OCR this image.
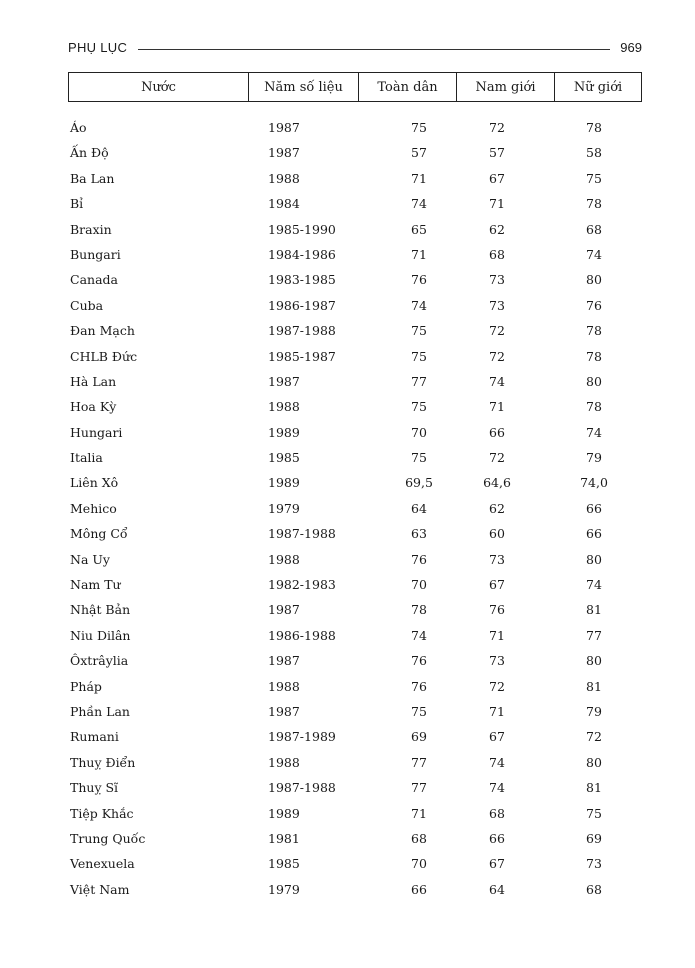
PHỤ LỤC	969
Nước	Năm số liệu	Toàn dân	Nam giới	Nữ giới
Áo	1987	75	72	78
Ấn Độ	1987	57	57	58
Ba Lan	1988	71	67	75
Bỉ	1984	74	71	78
Braxin	1985-1990	65	62	68
Bungari	1984-1986	71	68	74
Canada	1983-1985	76	73	80
Cuba	1986-1987	74	73	76
Đan Mạch	1987-1988	75	72	78
CHLB Đức	1985-1987	75	72	78
Hà Lan	1987	77	74	80
Hoa Kỳ	1988	75	71	78
Hungari	1989	70	66	74
Italia	1985	75	72	79
Liên Xô	1989	69,5	64,6	74,0
Mehico	1979	64	62	66
Mông Cổ	1987-1988	63	60	66
Na Uy	1988	76	73	80
Nam Tư	1982-1983	70	67	74
Nhật Bản	1987	78	76	81
Niu Dilân	1986-1988	74	71	77
Ôxtrâylia	1987	76	73	80
Pháp	1988	76	72	81
Phần Lan	1987	75	71	79
Rumani	1987-1989	69	67	72
Thuỵ Điển	1988	77	74	80
Thuỵ Sĩ	1987-1988	77	74	81
Tiệp Khắc	1989	71	68	75
Trung Quốc	1981	68	66	69
Venexuela	1985	70	67	73
Việt Nam	1979	66	64	68
